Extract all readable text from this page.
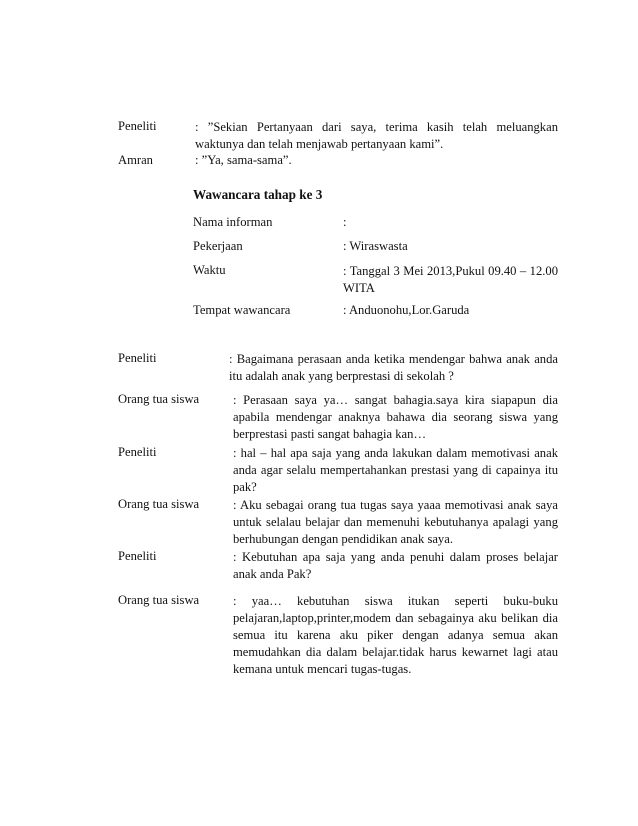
Peneliti	: ”Sekian Pertanyaan dari saya, terima kasih telah meluangkan waktunya dan telah menjawab pertanyaan kami”.
Amran	: ”Ya, sama-sama”.
Wawancara tahap ke 3
Nama informan	:
Pekerjaan	: Wiraswasta
Waktu	: Tanggal 3 Mei 2013,Pukul 09.40 – 12.00 WITA
Tempat wawancara	: Anduonohu,Lor.Garuda
Peneliti	: Bagaimana perasaan anda ketika mendengar bahwa anak anda itu adalah anak yang berprestasi di sekolah ?
Orang tua siswa	: Perasaan saya ya… sangat bahagia.saya kira siapapun dia apabila mendengar anaknya bahawa dia seorang siswa yang berprestasi pasti sangat bahagia kan…
Peneliti	: hal – hal apa saja yang anda lakukan dalam memotivasi anak anda agar selalu mempertahankan prestasi yang di capainya itu pak?
Orang tua siswa	: Aku sebagai orang tua tugas saya yaaa memotivasi anak saya untuk selalau belajar dan memenuhi kebutuhanya apalagi yang berhubungan dengan pendidikan anak saya.
Peneliti	: Kebutuhan apa saja yang anda penuhi dalam proses belajar anak anda Pak?
Orang tua siswa	: yaa… kebutuhan siswa itukan seperti buku-buku pelajaran,laptop,printer,modem dan sebagainya aku belikan dia semua itu karena aku piker dengan adanya semua akan memudahkan dia dalam belajar.tidak harus kewarnet lagi atau kemana untuk mencari tugas-tugas.
